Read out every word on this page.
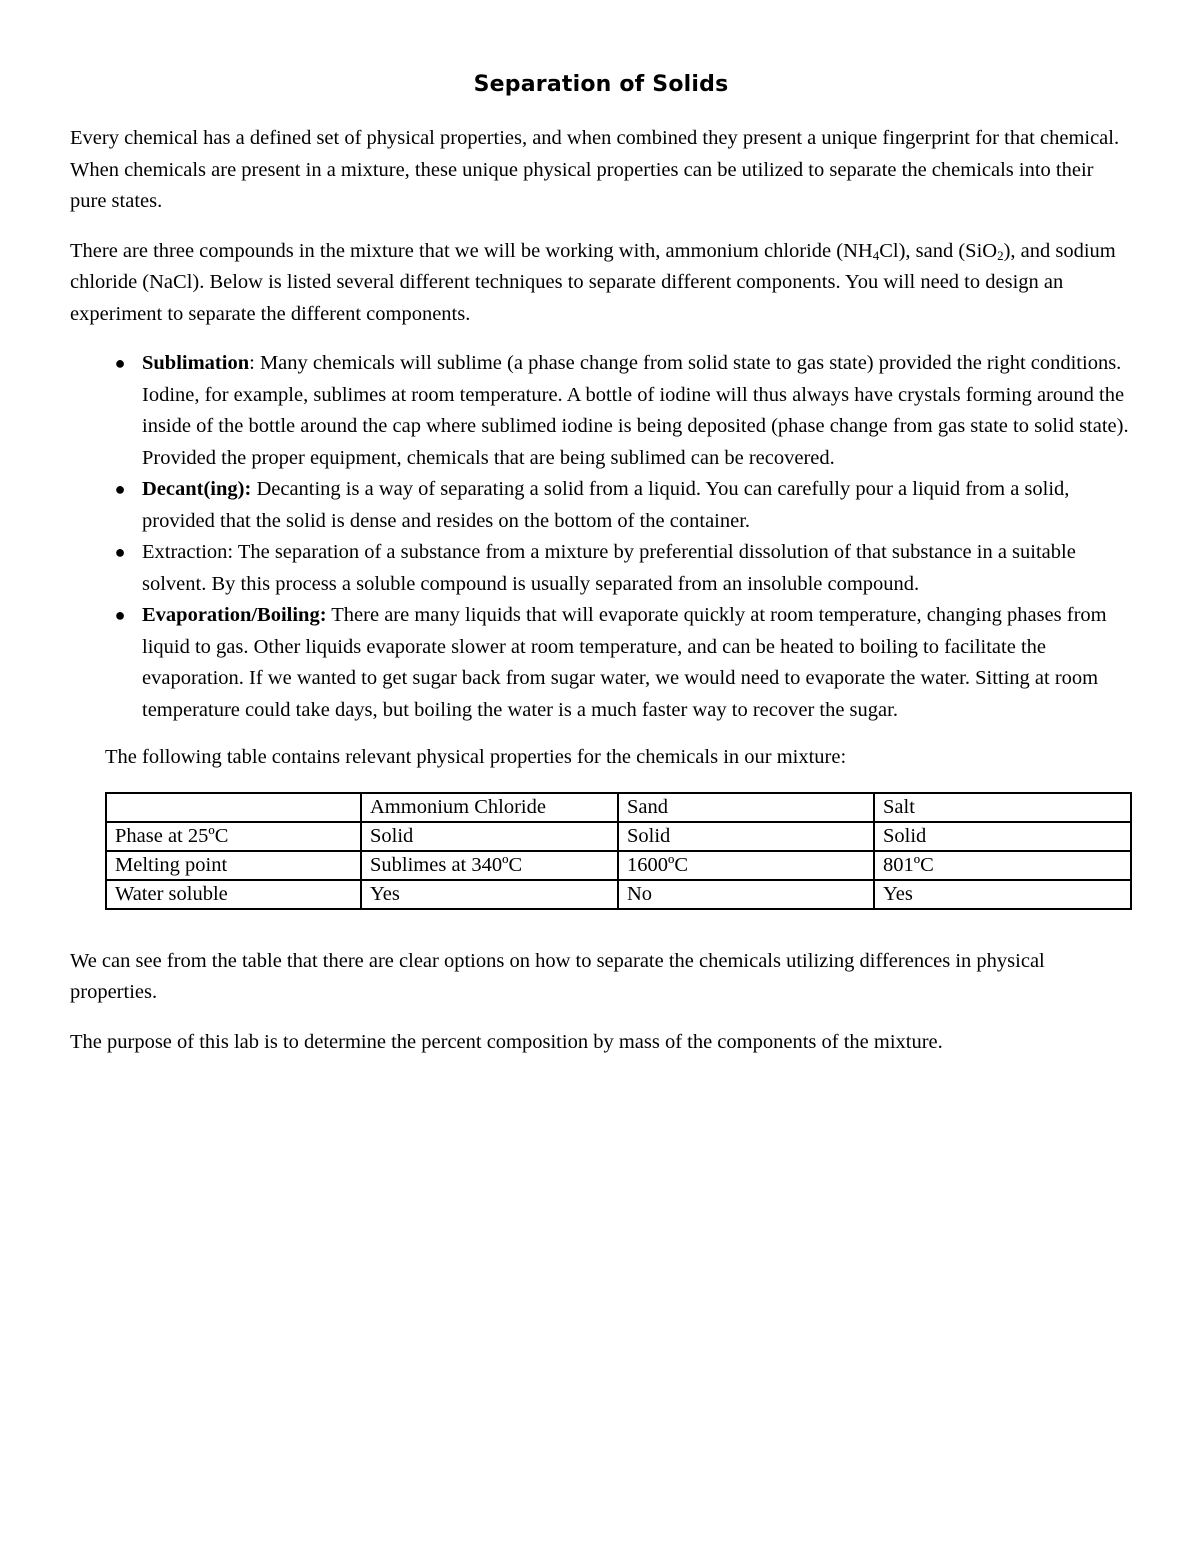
Separation of Solids

Every chemical has a defined set of physical properties, and when combined they present a unique fingerprint for that chemical. When chemicals are present in a mixture, these unique physical properties can be utilized to separate the chemicals into their pure states.

There are three compounds in the mixture that we will be working with, ammonium chloride $(NH_4Cl)$, sand (SiO$_2$), and sodium chloride (NaCl). Below is listed several different techniques to separate different components. You will need to design an experiment to separate the different components.

● Sublimation: Many chemicals will sublime (a phase change from solid state to gas state) provided the right conditions. Iodine, for example, sublimes at room temperature. A bottle of iodine will thus always have crystals forming around the inside of the bottle around the cap where sublimed iodine is being deposited (phase change from gas state to solid state). Provided the proper equipment, chemicals that are being sublimed can be recovered.
● Decant(ing): Decanting is a way of separating a solid from a liquid. You can carefully pour a liquid from a solid, provided that the solid is dense and resides on the bottom of the container.
● Extraction: The separation of a substance from a mixture by preferential dissolution of that substance in a suitable solvent. By this process a soluble compound is usually separated from an insoluble compound.
● Evaporation/Boiling: There are many liquids that will evaporate quickly at room temperature, changing phases from liquid to gas. Other liquids evaporate slower at room temperature, and can be heated to boiling to facilitate the evaporation. If we wanted to get sugar back from sugar water, we would need to evaporate the water. Sitting at room temperature could take days, but boiling the water is a much faster way to recover the sugar.

The following table contains relevant physical properties for the chemicals in our mixture:

	Ammonium Chloride	Sand	Salt
Phase at 25ºC	Solid	Solid	Solid
Melting point	Sublimes at 340ºC	1600ºC	801ºC
Water soluble	Yes	No	Yes

We can see from the table that there are clear options on how to separate the chemicals utilizing differences in physical properties.

The purpose of this lab is to determine the percent composition by mass of the components of the mixture.
